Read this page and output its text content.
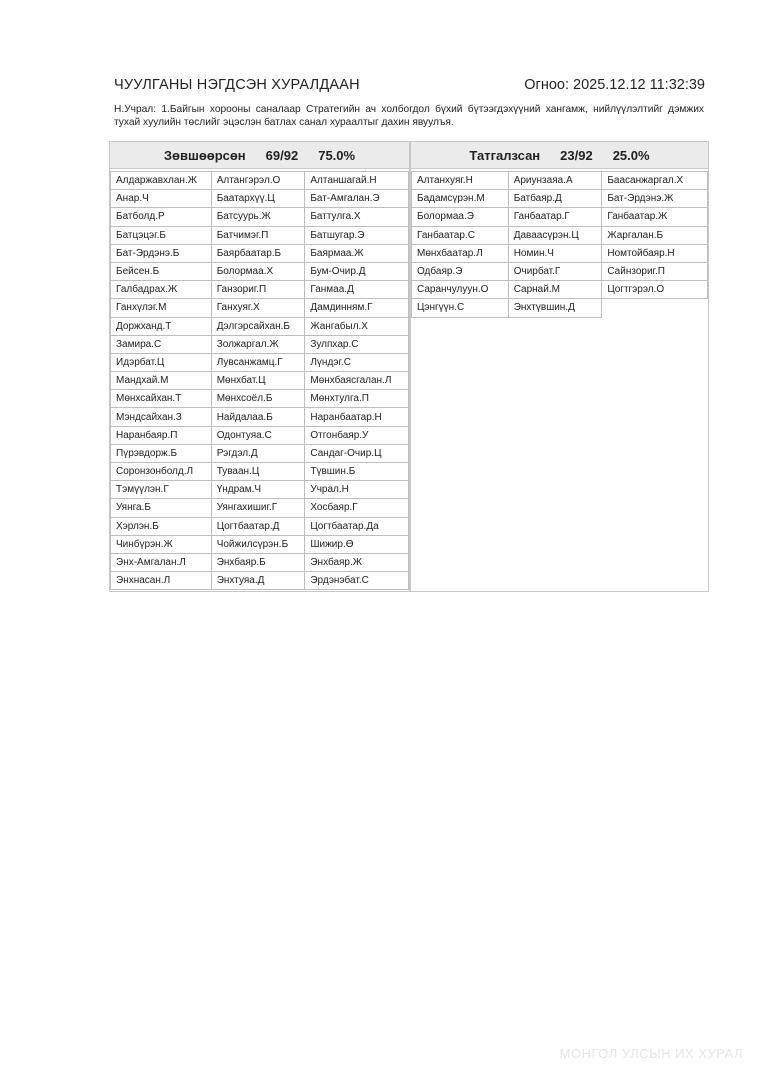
ЧУУЛГАНЫ НЭГДСЭН ХУРАЛДААН	Огноо: 2025.12.12 11:32:39
Н.Учрал: 1.Байгын хорооны саналаар Стратегийн ач холбогдол бүхий бүтээгдэхүүний хангамж, нийлүүлэлтийг дэмжих тухай хуулийн төслийг эцэслэн батлах санал хураалтыг дахин явуулъя.
Зөвшөөрсөн 69/92 75.0%
Алдаржавхлан.Ж	Алтангэрэл.О	Алтаншагай.Н
Анар.Ч	Баатархүү.Ц	Бат-Амгалан.Э
Батболд.Р	Батсуурь.Ж	Баттулга.Х
Батцэцэг.Б	Батчимэг.П	Батшугар.Э
Бат-Эрдэнэ.Б	Баярбаатар.Б	Баярмаа.Ж
Бейсен.Б	Болормаа.Х	Бум-Очир.Д
Галбадрах.Ж	Ганзориг.П	Ганмаа.Д
Ганхүлэг.М	Ганхуяг.Х	Дамдинням.Г
Доржханд.Т	Дэлгэрсайхан.Б	Жангабыл.Х
Замира.С	Золжаргал.Ж	Зулпхар.С
Идэрбат.Ц	Лувсанжамц.Г	Лүндэг.С
Мандхай.М	Мөнхбат.Ц	Мөнхбаясгалан.Л
Мөнхсайхан.Т	Мөнхсоёл.Б	Мөнхтулга.П
Мэндсайхан.З	Найдалаа.Б	Наранбаатар.Н
Наранбаяр.П	Одонтуяа.С	Отгонбаяр.У
Пүрэвдорж.Б	Рэгдэл.Д	Сандаг-Очир.Ц
Соронзонболд.Л	Туваан.Ц	Түвшин.Б
Тэмүүлэн.Г	Үндрам.Ч	Учрал.Н
Уянга.Б	Уянгахишиг.Г	Хосбаяр.Г
Хэрлэн.Б	Цогтбаатар.Д	Цогтбаатар.Да
Чинбүрэн.Ж	Чойжилсүрэн.Б	Шижир.Ө
Энх-Амгалан.Л	Энхбаяр.Б	Энхбаяр.Ж
Энхнасан.Л	Энхтуяа.Д	Эрдэнэбат.С
Татгалзсан 23/92 25.0%
Алтанхуяг.Н	Ариунзаяа.А	Баасанжаргал.Х
Бадамсүрэн.М	Батбаяр.Д	Бат-Эрдэнэ.Ж
Болормаа.Э	Ганбаатар.Г	Ганбаатар.Ж
Ганбаатар.С	Даваасүрэн.Ц	Жаргалан.Б
Мөнхбаатар.Л	Номин.Ч	Номтойбаяр.Н
Одбаяр.Э	Очирбат.Г	Сайнзориг.П
Саранчулуун.О	Сарнай.М	Цогтгэрэл.О
Цэнгүүн.С	Энхтүвшин.Д	
МОНГОЛ УЛСЫН ИХ ХУРАЛ
